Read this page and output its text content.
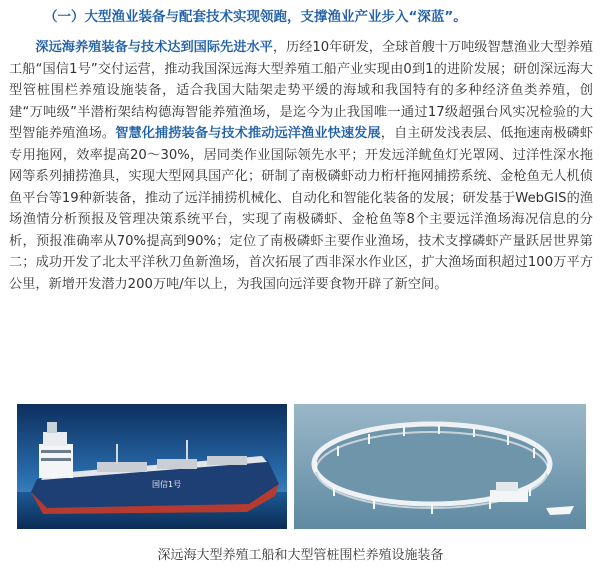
（一）大型渔业装备与配套技术实现领跑，支撑渔业产业步入“深蓝”。

深远海养殖装备与技术达到国际先进水平，历经10年研发，全球首艘十万吨级智慧渔业大型养殖工船“国信1号”交付运营，推动我国深远海大型养殖工船产业实现由0到1的进阶发展；研创深远海大型管桩围栏养殖设施装备，适合我国大陆架走势平缓的海域和我国特有的多种经济鱼类养殖，创建“万吨级”半潜桁架结构德海智能养殖渔场，是迄今为止我国唯一通过17级超强台风实况检验的大型智能养殖渔场。智慧化捕捞装备与技术推动远洋渔业快速发展，自主研发浅表层、低拖速南极磷虾专用拖网，效率提高20～30%，居同类作业国际领先水平；开发远洋鱿鱼灯光罩网、过洋性深水拖网等系列捕捞渔具，实现大型网具国产化；研制了南极磷虾动力桁杆拖网捕捞系统、金枪鱼无人机侦鱼平台等19种新装备，推动了远洋捕捞机械化、自动化和智能化装备的发展；研发基于WebGIS的渔场渔情分析预报及管理决策系统平台，实现了南极磷虾、金枪鱼等8个主要远洋渔场海况信息的分析，预报准确率从70%提高到90%；定位了南极磷虾主要作业渔场，技术支撑磷虾产量跃居世界第二；成功开发了北太平洋秋刀鱼新渔场，首次拓展了西非深水作业区，扩大渔场面积超过100万平方公里，新增开发潜力200万吨/年以上，为我国向远洋要食物开辟了新空间。

国信1号
深远海大型养殖工船和大型管桩围栏养殖设施装备
